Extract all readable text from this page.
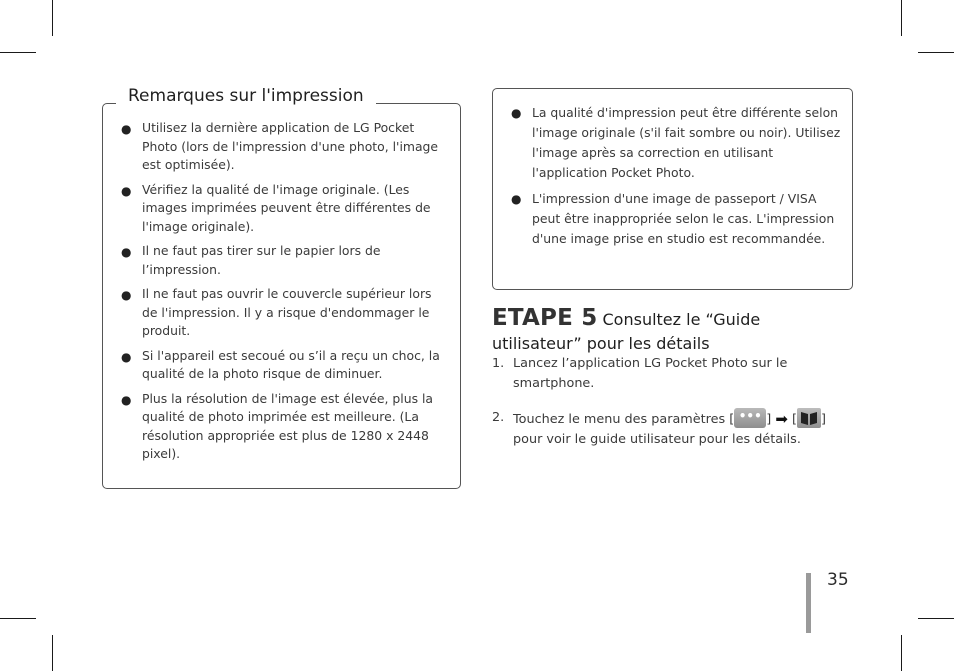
Remarques sur l'impression
● Utilisez la dernière application de LG Pocket Photo (lors de l'impression d'une photo, l'image est optimisée).
● Vérifiez la qualité de l'image originale. (Les images imprimées peuvent être différentes de l'image originale).
● Il ne faut pas tirer sur le papier lors de l’impression.
● Il ne faut pas ouvrir le couvercle supérieur lors de l'impression. Il y a risque d'endommager le produit.
● Si l'appareil est secoué ou s’il a reçu un choc, la qualité de la photo risque de diminuer.
● Plus la résolution de l'image est élevée, plus la qualité de photo imprimée est meilleure. (La résolution appropriée est plus de 1280 x 2448 pixel).
● La qualité d'impression peut être différente selon l'image originale (s'il fait sombre ou noir). Utilisez l'image après sa correction en utilisant l'application Pocket Photo.
● L'impression d'une image de passeport / VISA peut être inappropriée selon le cas. L'impression d'une image prise en studio est recommandée.
ETAPE 5 Consultez le “Guide utilisateur” pour les détails
1. Lancez l’application LG Pocket Photo sur le smartphone.
2. Touchez le menu des paramètres [ ••• ] ➡ [ ] pour voir le guide utilisateur pour les détails.
35
